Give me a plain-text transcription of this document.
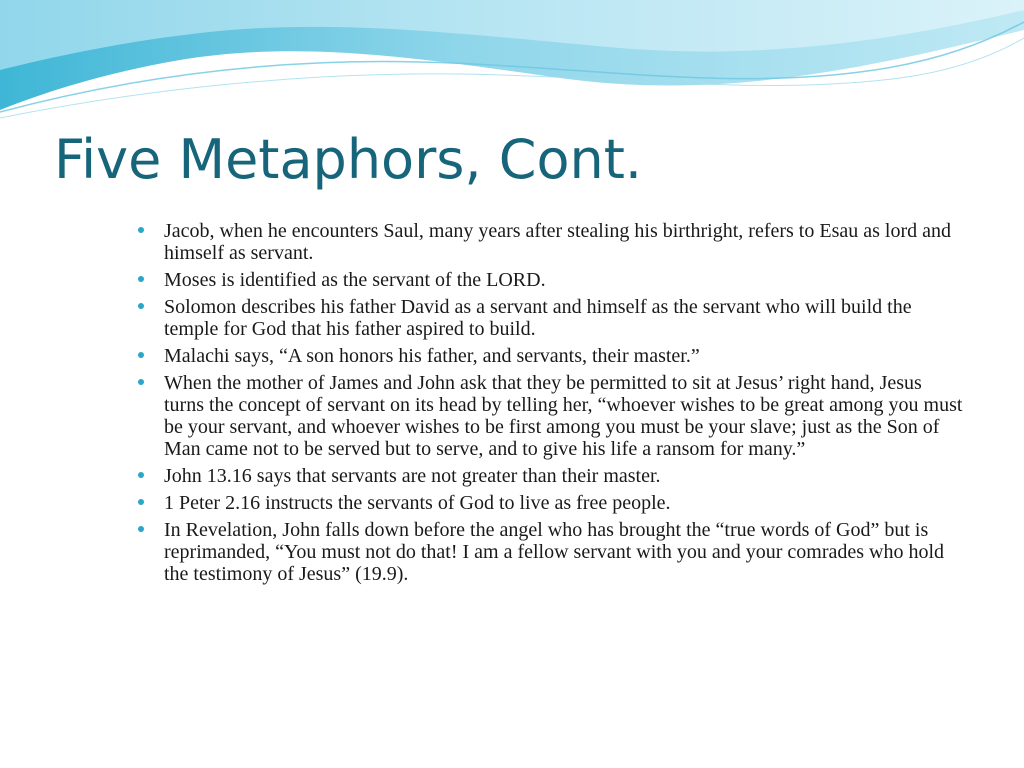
Five Metaphors, Cont.
Jacob, when he encounters Saul, many years after stealing his birthright, refers to Esau as lord and himself as servant.
Moses is identified as the servant of the LORD.
Solomon describes his father David as a servant and himself as the servant who will build the temple for God that his father aspired to build.
Malachi says, “A son honors his father, and servants, their master.”
When the mother of James and John ask that they be permitted to sit at Jesus’ right hand, Jesus turns the concept of servant on its head by telling her, “whoever wishes to be great among you must be your servant, and whoever wishes to be first among you must be your slave; just as the Son of Man came not to be served but to serve, and to give his life a ransom for many.”
John 13.16 says that servants are not greater than their master.
1 Peter 2.16 instructs the servants of God to live as free people.
In Revelation, John falls down before the angel who has brought the “true words of God” but is reprimanded, “You must not do that! I am a fellow servant with you and your comrades who hold the testimony of Jesus” (19.9).
